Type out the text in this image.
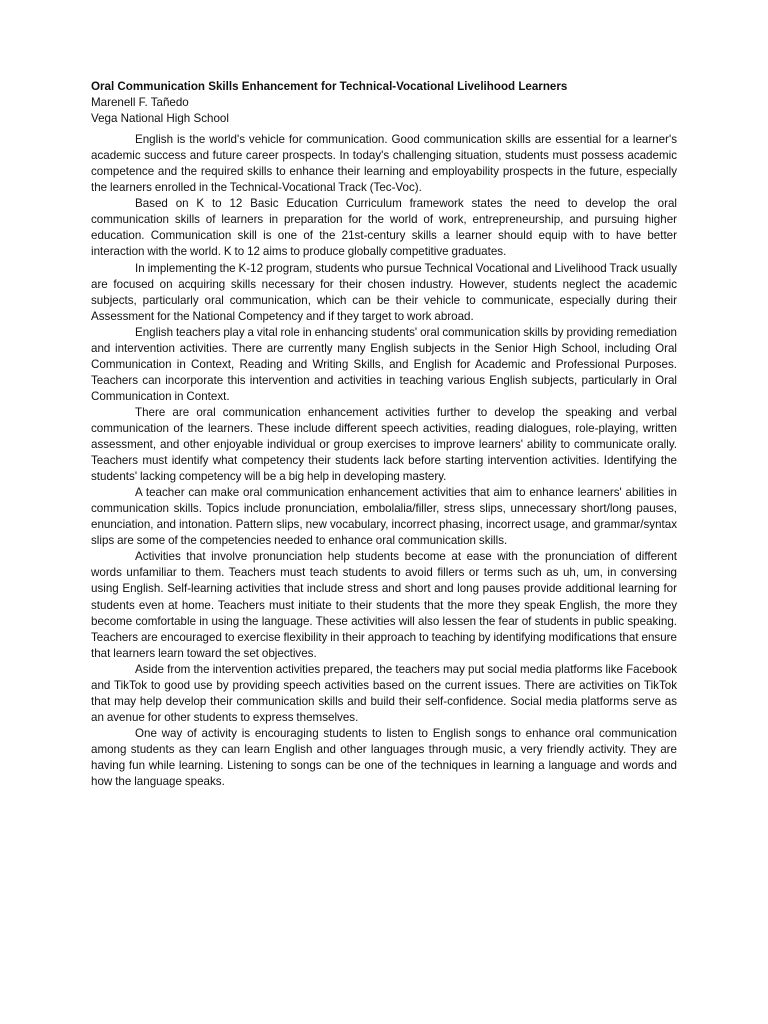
Oral Communication Skills Enhancement for Technical-Vocational Livelihood Learners

Marenell F. Tañedo

Vega National High School

English is the world's vehicle for communication. Good communication skills are essential for a learner's academic success and future career prospects. In today's challenging situation, students must possess academic competence and the required skills to enhance their learning and employability prospects in the future, especially the learners enrolled in the Technical-Vocational Track (Tec-Voc).

Based on K to 12 Basic Education Curriculum framework states the need to develop the oral communication skills of learners in preparation for the world of work, entrepreneurship, and pursuing higher education. Communication skill is one of the 21st-century skills a learner should equip with to have better interaction with the world. K to 12 aims to produce globally competitive graduates.

In implementing the K-12 program, students who pursue Technical Vocational and Livelihood Track usually are focused on acquiring skills necessary for their chosen industry. However, students neglect the academic subjects, particularly oral communication, which can be their vehicle to communicate, especially during their Assessment for the National Competency and if they target to work abroad.

English teachers play a vital role in enhancing students' oral communication skills by providing remediation and intervention activities. There are currently many English subjects in the Senior High School, including Oral Communication in Context, Reading and Writing Skills, and English for Academic and Professional Purposes. Teachers can incorporate this intervention and activities in teaching various English subjects, particularly in Oral Communication in Context.

There are oral communication enhancement activities further to develop the speaking and verbal communication of the learners. These include different speech activities, reading dialogues, role-playing, written assessment, and other enjoyable individual or group exercises to improve learners' ability to communicate orally. Teachers must identify what competency their students lack before starting intervention activities. Identifying the students' lacking competency will be a big help in developing mastery.

A teacher can make oral communication enhancement activities that aim to enhance learners' abilities in communication skills. Topics include pronunciation, embolalia/filler, stress slips, unnecessary short/long pauses, enunciation, and intonation. Pattern slips, new vocabulary, incorrect phasing, incorrect usage, and grammar/syntax slips are some of the competencies needed to enhance oral communication skills.

Activities that involve pronunciation help students become at ease with the pronunciation of different words unfamiliar to them. Teachers must teach students to avoid fillers or terms such as uh, um, in conversing using English. Self-learning activities that include stress and short and long pauses provide additional learning for students even at home. Teachers must initiate to their students that the more they speak English, the more they become comfortable in using the language. These activities will also lessen the fear of students in public speaking. Teachers are encouraged to exercise flexibility in their approach to teaching by identifying modifications that ensure that learners learn toward the set objectives.

Aside from the intervention activities prepared, the teachers may put social media platforms like Facebook and TikTok to good use by providing speech activities based on the current issues. There are activities on TikTok that may help develop their communication skills and build their self-confidence. Social media platforms serve as an avenue for other students to express themselves.

One way of activity is encouraging students to listen to English songs to enhance oral communication among students as they can learn English and other languages through music, a very friendly activity. They are having fun while learning. Listening to songs can be one of the techniques in learning a language and words and how the language speaks.
